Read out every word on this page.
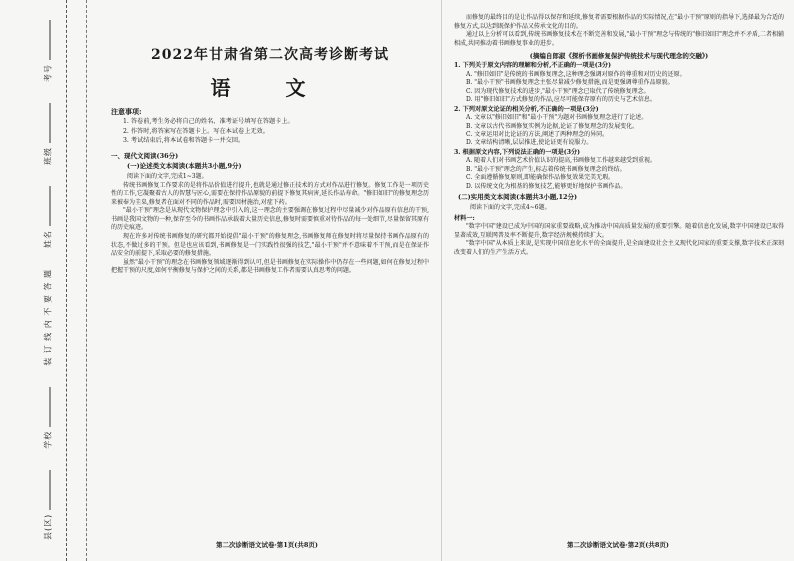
县(区)
学校
装 订 线 内 不 要 答 题
姓名
班级
考号
2022年甘肃省第二次高考诊断考试
语 文
注意事项:

1. 答卷前,考生务必将自己的姓名、准考证号填写在答题卡上。

2. 作答时,将答案写在答题卡上。写在本试卷上无效。

3. 考试结束后,将本试卷和答题卡一并交回。

一、现代文阅读(36分)
(一)论述类文本阅读(本题共3小题,9分)
阅读下面的文字,完成1~3题。

传统书画修复工作要求的是将作品价值进行提升,也就是通过修正技术的方式对作品进行修复。修复工作是一项历史性的工作,它凝聚着古人的智慧与匠心,需要在保持作品原貌的前提下修复其病害,延长作品寿命。"修旧如旧"的修复理念历来被奉为圭臬,修复者在面对不同的作品时,需要因材施治,对症下药。

"最小干预"理念是从现代文物保护理念中引入的,这一理念的主要强调在修复过程中尽量减少对作品原有信息的干预,书画是我国文物的一种,保存至今的书画作品承载着大量历史信息,修复时需要慎重对待作品的每一处细节,尽量保留其原有的历史痕迹。

现在许多对传统书画修复的研究都开始提倡"最小干预"的修复理念,书画修复师在修复时将尽量保持书画作品原有的状态,不做过多的干预。但是也应该看到,书画修复是一门实践性很强的技艺,"最小干预"并不意味着不干预,而是在保证作品安全的前提下,采取必要的修复措施。

虽然"最小干预"的理念在书画修复领域逐渐得到认可,但是书画修复在实际操作中仍存在一些问题,如何在修复过程中把握干预的尺度,如何平衡修复与保护之间的关系,都是书画修复工作者需要认真思考的问题。

第二次诊断语文试卷·第1页(共8页)

而修复的最终目的是让作品得以保存和延续,修复者需要根据作品的实际情况,在"最小干预"原则的指导下,选择最为合适的修复方式,以达到既保护作品又传承文化的目的。

通过以上分析可以看到,传统书画修复技术在不断完善和发展,"最小干预"理念与传统的"修旧如旧"理念并不矛盾,二者相辅相成,共同推动着书画修复事业的进步。

(摘编自郎淑《探析书画修复保护传统技术与现代理念的交融》)
1. 下列关于原文内容的理解和分析,不正确的一项是(3分)
A. "修旧如旧"是传统的书画修复理念,这种理念强调对原作的尊重和对历史的还原。
B. "最小干预"书画修复理念主张尽量减少修复措施,而是更强调尊重作品原貌。
C. 因为现代修复技术的进步,"最小干预"理念已取代了传统修复理念。
D. 用"修旧如旧"方式修复的作品,应尽可能保存原有的历史与艺术信息。
2. 下列对原文论证的相关分析,不正确的一项是(3分)
A. 文章以"修旧如旧"和"最小干预"为题对书画修复理念进行了论述。
B. 文章以古代书画修复实例为论据,论证了修复理念的发展变化。
C. 文章运用对比论证的方法,阐述了两种理念的异同。
D. 文章结构清晰,层层推进,使论证更有说服力。
3. 根据原文内容,下列说法正确的一项是(3分)
A. 随着人们对书画艺术价值认识的提高,书画修复工作越来越受到重视。
B. "最小干预"理念的产生,标志着传统书画修复理念的终结。
C. 全面遵循修复原则,即能确保作品修复效果完美无瑕。
D. 以传统文化为根基的修复技艺,能够更好地保护书画作品。
(二)实用类文本阅读(本题共3小题,12分)
阅读下面的文字,完成4~6题。
材料一:

"数字中国"建设已成为中国的国家重要战略,成为推动中国高质量发展的重要引擎。随着信息化发展,数字中国建设已取得显著成效,互联网普及率不断提升,数字经济规模持续扩大。

"数字中国"从本质上来说,是实现中国信息化水平的全面提升,是全面建设社会主义现代化国家的重要支撑,数字技术正深刻改变着人们的生产生活方式。

第二次诊断语文试卷·第2页(共8页)
